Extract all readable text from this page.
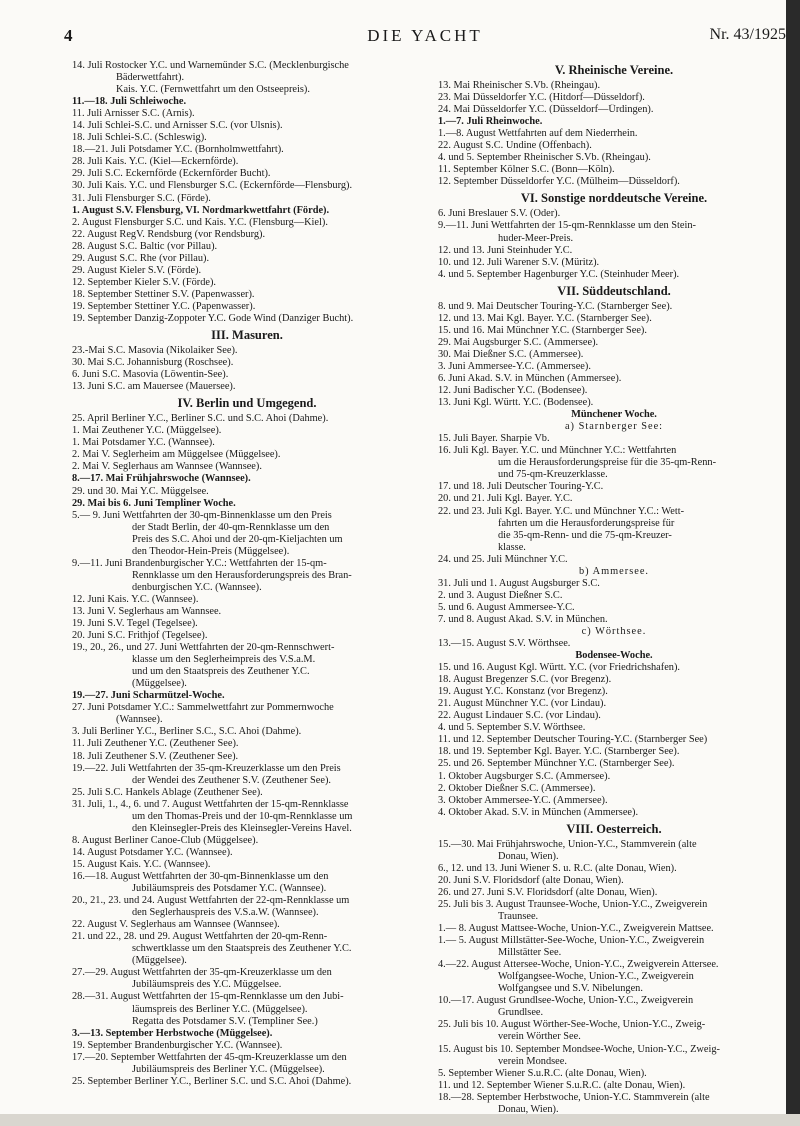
4	DIE YACHT	Nr. 43/1925
14. Juli Rostocker Y.C. und Warnemünder S.C. (Mecklenburgische
Bäderwettfahrt).
Kais. Y.C. (Fernwettfahrt um den Ostseepreis).
11.—18. Juli Schleiwoche.
11. Juli Arnisser S.C. (Arnis).
14. Juli Schlei-S.C. und Arnisser S.C. (vor Ulsnis).
18. Juli Schlei-S.C. (Schleswig).
18.—21. Juli Potsdamer Y.C. (Bornholmwettfahrt).
28. Juli Kais. Y.C. (Kiel—Eckernförde).
29. Juli S.C. Eckernförde (Eckernförder Bucht).
30. Juli Kais. Y.C. und Flensburger S.C. (Eckernförde—Flensburg).
31. Juli Flensburger S.C. (Förde).
1. August S.V. Flensburg, VI. Nordmarkwettfahrt (Förde).
2. August Flensburger S.C. und Kais. Y.C. (Flensburg—Kiel).
22. August RegV. Rendsburg (vor Rendsburg).
28. August S.C. Baltic (vor Pillau).
29. August S.C. Rhe (vor Pillau).
29. August Kieler S.V. (Förde).
12. September Kieler S.V. (Förde).
18. September Stettiner S.V. (Papenwasser).
19. September Stettiner Y.C. (Papenwasser).
19. September Danzig-Zoppoter Y.C. Gode Wind (Danziger Bucht).
III. Masuren.
23.-Mai S.C. Masovia (Nikolaiker See).
30. Mai S.C. Johannisburg (Roschsee).
6. Juni S.C. Masovia (Löwentin-See).
13. Juni S.C. am Mauersee (Mauersee).
IV. Berlin und Umgegend.
25. April Berliner Y.C., Berliner S.C. und S.C. Ahoi (Dahme).
1. Mai Zeuthener Y.C. (Müggelsee).
1. Mai Potsdamer Y.C. (Wannsee).
2. Mai V. Seglerheim am Müggelsee (Müggelsee).
2. Mai V. Seglerhaus am Wannsee (Wannsee).
8.—17. Mai Frühjahrswoche (Wannsee).
29. und 30. Mai Y.C. Müggelsee.
29. Mai bis 6. Juni Templiner Woche.
5.— 9. Juni Wettfahrten der 30-qm-Binnenklasse um den Preis
der Stadt Berlin, der 40-qm-Rennklasse um den
Preis des S.C. Ahoi und der 20-qm-Kieljachten um
den Theodor-Hein-Preis (Müggelsee).
9.—11. Juni Brandenburgischer Y.C.: Wettfahrten der 15-qm-
Rennklasse um den Herausforderungspreis des Bran-
denburgischen Y.C. (Wannsee).
12. Juni Kais. Y.C. (Wannsee).
13. Juni V. Seglerhaus am Wannsee.
19. Juni S.V. Tegel (Tegelsee).
20. Juni S.C. Frithjof (Tegelsee).
19., 20., 26., und 27. Juni Wettfahrten der 20-qm-Rennschwert-
klasse um den Seglerheimpreis des V.S.a.M.
und um den Staatspreis des Zeuthener Y.C.
(Müggelsee).
19.—27. Juni Scharmützel-Woche.
27. Juni Potsdamer Y.C.: Sammelwettfahrt zur Pommernwoche
(Wannsee).
3. Juli Berliner Y.C., Berliner S.C., S.C. Ahoi (Dahme).
11. Juli Zeuthener Y.C. (Zeuthener See).
18. Juli Zeuthener S.V. (Zeuthener See).
19.—22. Juli Wettfahrten der 35-qm-Kreuzerklasse um den Preis
der Wendei des Zeuthener S.V. (Zeuthener See).
25. Juli S.C. Hankels Ablage (Zeuthener See).
31. Juli, 1., 4., 6. und 7. August Wettfahrten der 15-qm-Rennklasse
um den Thomas-Preis und der 10-qm-Rennklasse um
den Kleinsegler-Preis des Kleinsegler-Vereins Havel.
8. August Berliner Canoe-Club (Müggelsee).
14. August Potsdamer Y.C. (Wannsee).
15. August Kais. Y.C. (Wannsee).
16.—18. August Wettfahrten der 30-qm-Binnenklasse um den
Jubiläumspreis des Potsdamer Y.C. (Wannsee).
20., 21., 23. und 24. August Wettfahrten der 22-qm-Rennklasse um
den Seglerhauspreis des V.S.a.W. (Wannsee).
22. August V. Seglerhaus am Wannsee (Wannsee).
21. und 22., 28. und 29. August Wettfahrten der 20-qm-Renn-
schwertklasse um den Staatspreis des Zeuthener Y.C.
(Müggelsee).
27.—29. August Wettfahrten der 35-qm-Kreuzerklasse um den
Jubiläumspreis des Y.C. Müggelsee.
28.—31. August Wettfahrten der 15-qm-Rennklasse um den Jubi-
läumspreis des Berliner Y.C. (Müggelsee).
Regatta des Potsdamer S.V. (Templiner See.)
3.—13. September Herbstwoche (Müggelsee).
19. September Brandenburgischer Y.C. (Wannsee).
17.—20. September Wettfahrten der 45-qm-Kreuzerklasse um den
Jubiläumspreis des Berliner Y.C. (Müggelsee).
25. September Berliner Y.C., Berliner S.C. und S.C. Ahoi (Dahme).
V. Rheinische Vereine.
13. Mai Rheinischer S.Vb. (Rheingau).
23. Mai Düsseldorfer Y.C. (Hitdorf—Düsseldorf).
24. Mai Düsseldorfer Y.C. (Düsseldorf—Ürdingen).
1.—7. Juli Rheinwoche.
1.—8. August Wettfahrten auf dem Niederrhein.
22. August S.C. Undine (Offenbach).
4. und 5. September Rheinischer S.Vb. (Rheingau).
11. September Kölner S.C. (Bonn—Köln).
12. September Düsseldorfer Y.C. (Mülheim—Düsseldorf).
VI. Sonstige norddeutsche Vereine.
6. Juni Breslauer S.V. (Oder).
9.—11. Juni Wettfahrten der 15-qm-Rennklasse um den Stein-
huder-Meer-Preis.
12. und 13. Juni Steinhuder Y.C.
10. und 12. Juli Warener S.V. (Müritz).
4. und 5. September Hagenburger Y.C. (Steinhuder Meer).
VII. Süddeutschland.
8. und 9. Mai Deutscher Touring-Y.C. (Starnberger See).
12. und 13. Mai Kgl. Bayer. Y.C. (Starnberger See).
15. und 16. Mai Münchner Y.C. (Starnberger See).
29. Mai Augsburger S.C. (Ammersee).
30. Mai Dießner S.C. (Ammersee).
3. Juni Ammersee-Y.C. (Ammersee).
6. Juni Akad. S.V. in München (Ammersee).
12. Juni Badischer Y.C. (Bodensee).
13. Juni Kgl. Württ. Y.C. (Bodensee).
Münchener Woche.
a) Starnberger See:
15. Juli Bayer. Sharpie Vb.
16. Juli Kgl. Bayer. Y.C. und Münchner Y.C.: Wettfahrten
um die Herausforderungspreise für die 35-qm-Renn-
und 75-qm-Kreuzerklasse.
17. und 18. Juli Deutscher Touring-Y.C.
20. und 21. Juli Kgl. Bayer. Y.C.
22. und 23. Juli Kgl. Bayer. Y.C. und Münchner Y.C.: Wett-
fahrten um die Herausforderungspreise für
die 35-qm-Renn- und die 75-qm-Kreuzer-
klasse.
24. und 25. Juli Münchner Y.C.
b) Ammersee.
31. Juli und 1. August Augsburger S.C.
2. und 3. August Dießner S.C.
5. und 6. August Ammersee-Y.C.
7. und 8. August Akad. S.V. in München.
c) Wörthsee.
13.—15. August S.V. Wörthsee.
Bodensee-Woche.
15. und 16. August Kgl. Württ. Y.C. (vor Friedrichshafen).
18. August Bregenzer S.C. (vor Bregenz).
19. August Y.C. Konstanz (vor Bregenz).
21. August Münchner Y.C. (vor Lindau).
22. August Lindauer S.C. (vor Lindau).
4. und 5. September S.V. Wörthsee.
11. und 12. September Deutscher Touring-Y.C. (Starnberger See)
18. und 19. September Kgl. Bayer. Y.C. (Starnberger See).
25. und 26. September Münchner Y.C. (Starnberger See).
1. Oktober Augsburger S.C. (Ammersee).
2. Oktober Dießner S.C. (Ammersee).
3. Oktober Ammersee-Y.C. (Ammersee).
4. Oktober Akad. S.V. in München (Ammersee).
VIII. Oesterreich.
15.—30. Mai Frühjahrswoche, Union-Y.C., Stammverein (alte
Donau, Wien).
6., 12. und 13. Juni Wiener S. u. R.C. (alte Donau, Wien).
20. Juni S.V. Floridsdorf (alte Donau, Wien).
26. und 27. Juni S.V. Floridsdorf (alte Donau, Wien).
25. Juli bis 3. August Traunsee-Woche, Union-Y.C., Zweigverein
Traunsee.
1.— 8. August Mattsee-Woche, Union-Y.C., Zweigverein Mattsee.
1.— 5. August Millstätter-See-Woche, Union-Y.C., Zweigverein
Millstätter See.
4.—22. August Attersee-Woche, Union-Y.C., Zweigverein Attersee.
Wolfgangsee-Woche, Union-Y.C., Zweigverein
Wolfgangsee und S.V. Nibelungen.
10.—17. August Grundlsee-Woche, Union-Y.C., Zweigverein
Grundlsee.
25. Juli bis 10. August Wörther-See-Woche, Union-Y.C., Zweig-
verein Wörther See.
15. August bis 10. September Mondsee-Woche, Union-Y.C., Zweig-
verein Mondsee.
5. September Wiener S.u.R.C. (alte Donau, Wien).
11. und 12. September Wiener S.u.R.C. (alte Donau, Wien).
18.—28. September Herbstwoche, Union-Y.C. Stammverein (alte
Donau, Wien).
